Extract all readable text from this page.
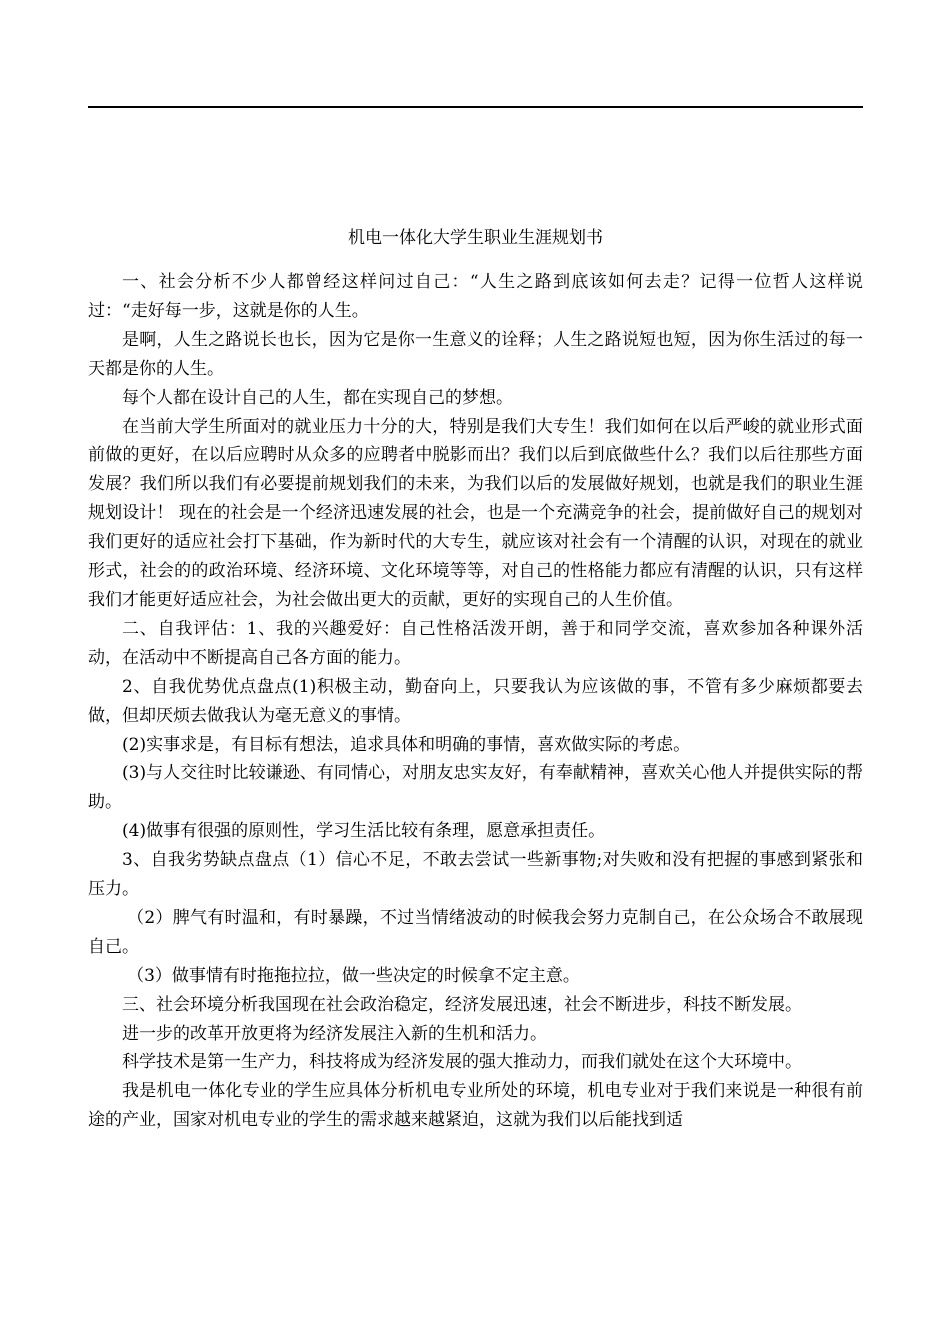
机电一体化大学生职业生涯规划书

一、社会分析不少人都曾经这样问过自己：“人生之路到底该如何去走？记得一位哲人这样说过：“走好每一步，这就是你的人生。

是啊，人生之路说长也长，因为它是你一生意义的诠释；人生之路说短也短，因为你生活过的每一天都是你的人生。

每个人都在设计自己的人生，都在实现自己的梦想。

在当前大学生所面对的就业压力十分的大，特别是我们大专生！我们如何在以后严峻的就业形式面前做的更好，在以后应聘时从众多的应聘者中脱影而出？我们以后到底做些什么？我们以后往那些方面发展？我们所以我们有必要提前规划我们的未来，为我们以后的发展做好规划，也就是我们的职业生涯规划设计！ 现在的社会是一个经济迅速发展的社会，也是一个充满竞争的社会，提前做好自己的规划对我们更好的适应社会打下基础，作为新时代的大专生，就应该对社会有一个清醒的认识，对现在的就业形式，社会的的政治环境、经济环境、文化环境等等，对自己的性格能力都应有清醒的认识，只有这样我们才能更好适应社会，为社会做出更大的贡献，更好的实现自己的人生价值。

二、自我评估：1、我的兴趣爱好：自己性格活泼开朗，善于和同学交流，喜欢参加各种课外活动，在活动中不断提高自己各方面的能力。

2、自我优势优点盘点(1)积极主动，勤奋向上，只要我认为应该做的事，不管有多少麻烦都要去做，但却厌烦去做我认为毫无意义的事情。

(2)实事求是，有目标有想法，追求具体和明确的事情，喜欢做实际的考虑。

(3)与人交往时比较谦逊、有同情心，对朋友忠实友好，有奉献精神，喜欢关心他人并提供实际的帮助。

(4)做事有很强的原则性，学习生活比较有条理，愿意承担责任。

3、自我劣势缺点盘点（1）信心不足，不敢去尝试一些新事物;对失败和没有把握的事感到紧张和压力。

（2）脾气有时温和，有时暴躁，不过当情绪波动的时候我会努力克制自己，在公众场合不敢展现自己。

（3）做事情有时拖拖拉拉，做一些决定的时候拿不定主意。

三、社会环境分析我国现在社会政治稳定，经济发展迅速，社会不断进步，科技不断发展。

进一步的改革开放更将为经济发展注入新的生机和活力。

科学技术是第一生产力，科技将成为经济发展的强大推动力，而我们就处在这个大环境中。

我是机电一体化专业的学生应具体分析机电专业所处的环境，机电专业对于我们来说是一种很有前途的产业，国家对机电专业的学生的需求越来越紧迫，这就为我们以后能找到适
